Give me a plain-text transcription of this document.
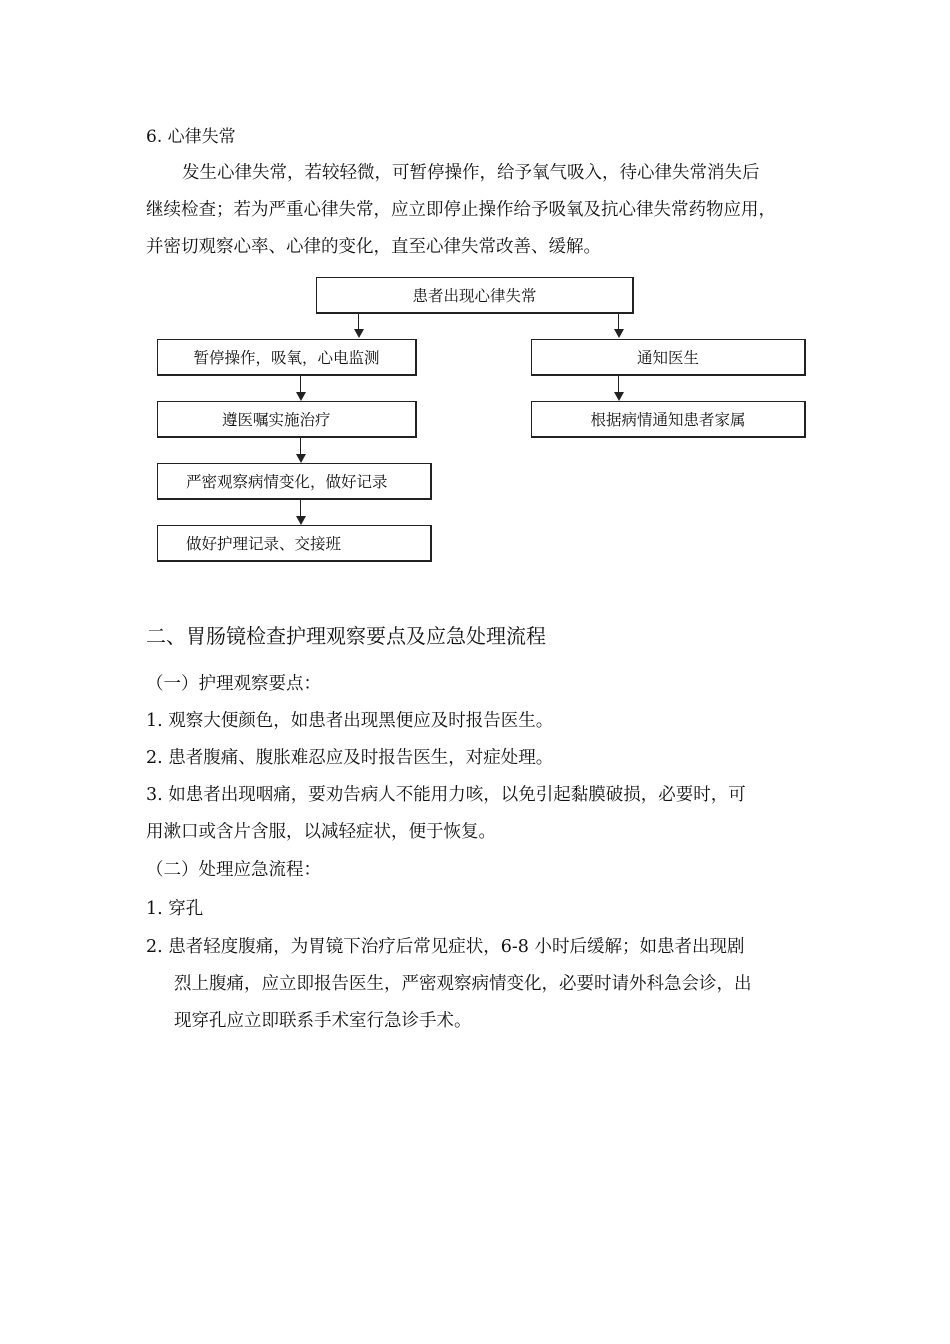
6. 心律失常
发生心律失常，若较轻微，可暂停操作，给予氧气吸入，待心律失常消失后
继续检查；若为严重心律失常，应立即停止操作给予吸氧及抗心律失常药物应用，
并密切观察心率、心律的变化，直至心律失常改善、缓解。
患者出现心律失常
暂停操作，吸氧，心电监测
遵医嘱实施治疗
严密观察病情变化，做好记录
做好护理记录、交接班
通知医生
根据病情通知患者家属
二、胃肠镜检查护理观察要点及应急处理流程
（一）护理观察要点：
1. 观察大便颜色，如患者出现黑便应及时报告医生。
2. 患者腹痛、腹胀难忍应及时报告医生，对症处理。
3. 如患者出现咽痛，要劝告病人不能用力咳，以免引起黏膜破损，必要时，可
用漱口或含片含服，以减轻症状，便于恢复。
（二）处理应急流程：
1. 穿孔
2. 患者轻度腹痛，为胃镜下治疗后常见症状，6-8 小时后缓解；如患者出现剧
烈上腹痛，应立即报告医生，严密观察病情变化，必要时请外科急会诊，出
现穿孔应立即联系手术室行急诊手术。
